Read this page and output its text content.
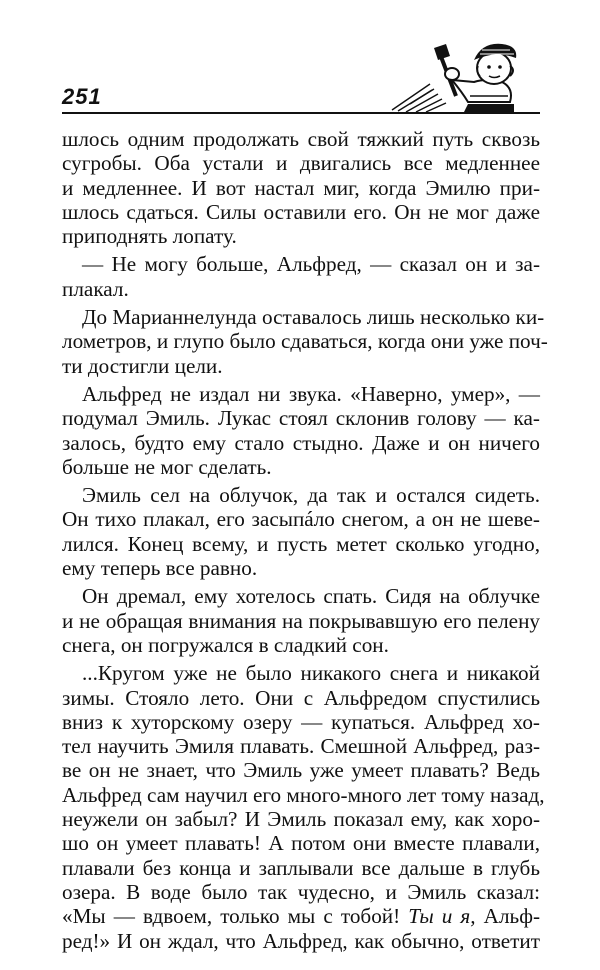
251
шлось одним продолжать свой тяжкий путь сквозь
сугробы. Оба устали и двигались все медленнее
и медленнее. И вот настал миг, когда Эмилю при-
шлось сдаться. Силы оставили его. Он не мог даже
приподнять лопату.
— Не могу больше, Альфред, — сказал он и за-
плакал.
До Марианнелунда оставалось лишь несколько ки-
лометров, и глупо было сдаваться, когда они уже поч-
ти достигли цели.
Альфред не издал ни звука. «Наверно, умер», —
подумал Эмиль. Лукас стоял склонив голову — ка-
залось, будто ему стало стыдно. Даже и он ничего
больше не мог сделать.
Эмиль сел на облучок, да так и остался сидеть.
Он тихо плакал, его засыпáло снегом, а он не шеве-
лился. Конец всему, и пусть метет сколько угодно,
ему теперь все равно.
Он дремал, ему хотелось спать. Сидя на облучке
и не обращая внимания на покрывавшую его пелену
снега, он погружался в сладкий сон.
...Кругом уже не было никакого снега и никакой
зимы. Стояло лето. Они с Альфредом спустились
вниз к хуторскому озеру — купаться. Альфред хо-
тел научить Эмиля плавать. Смешной Альфред, раз-
ве он не знает, что Эмиль уже умеет плавать? Ведь
Альфред сам научил его много-много лет тому назад,
неужели он забыл? И Эмиль показал ему, как хоро-
шо он умеет плавать! А потом они вместе плавали,
плавали без конца и заплывали все дальше в глубь
озера. В воде было так чудесно, и Эмиль сказал:
«Мы — вдвоем, только мы с тобой! Ты и я, Альф-
ред!» И он ждал, что Альфред, как обычно, ответит
